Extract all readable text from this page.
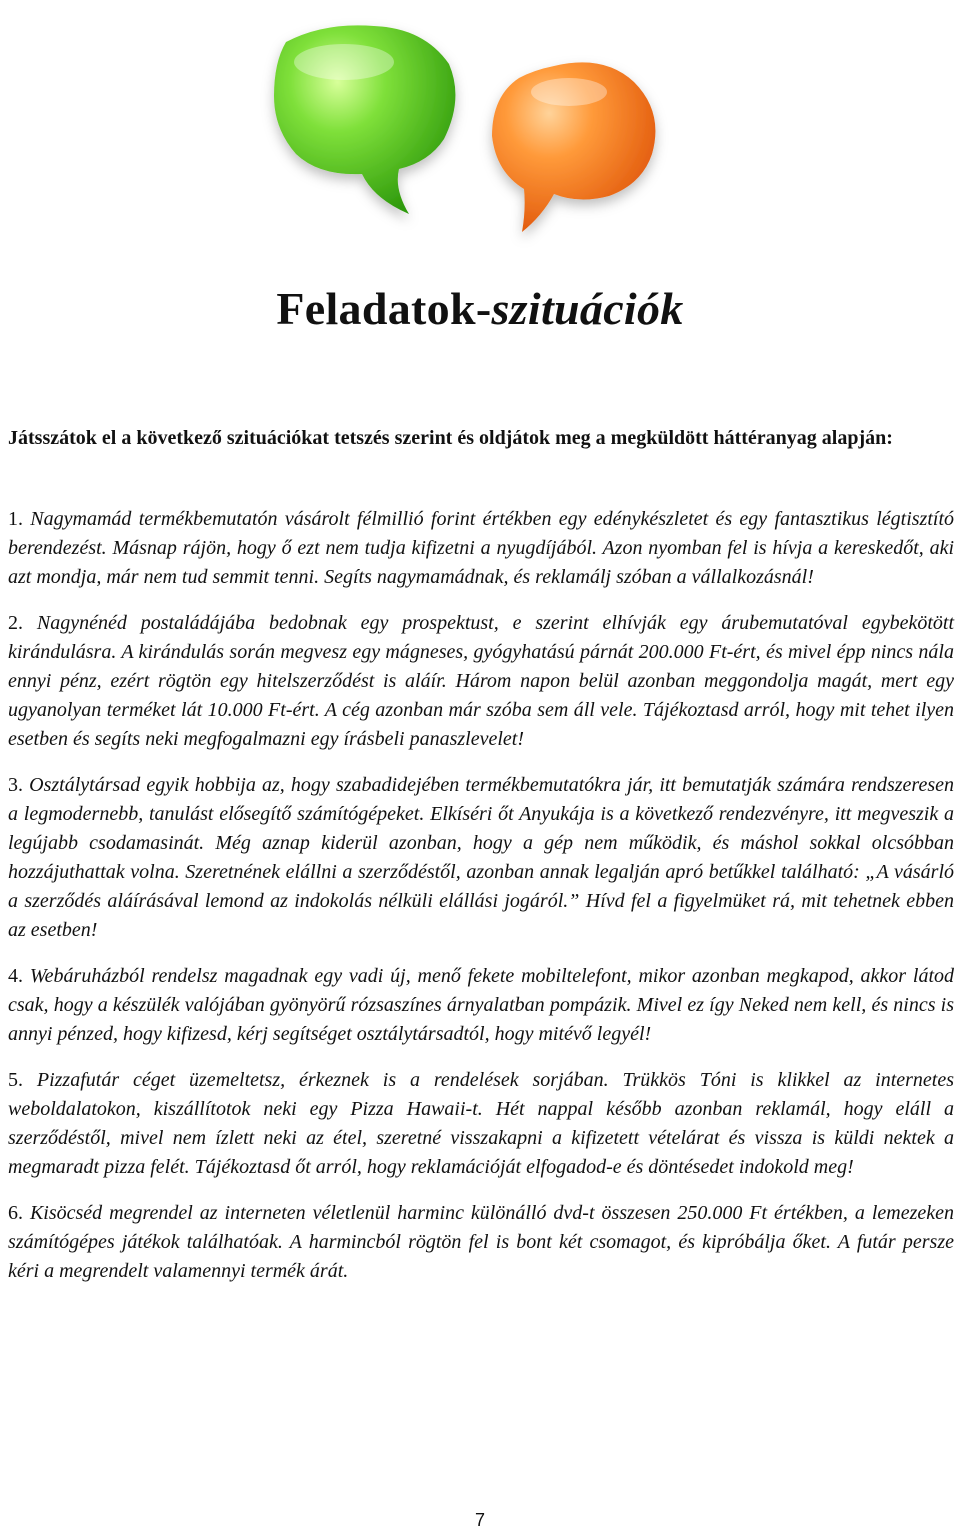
Feladatok-szituációk
Játsszátok el a következő szituációkat tetszés szerint és oldjátok meg a megküldött háttéranyag alapján:

1. Nagymamád termékbemutatón vásárolt félmillió forint értékben egy edénykészletet és egy fantasztikus légtisztító berendezést. Másnap rájön, hogy ő ezt nem tudja kifizetni a nyugdíjából. Azon nyomban fel is hívja a kereskedőt, aki azt mondja, már nem tud semmit tenni. Segíts nagymamádnak, és reklamálj szóban a vállalkozásnál!

2. Nagynénéd postaládájába bedobnak egy prospektust, e szerint elhívják egy árubemutatóval egybekötött kirándulásra. A kirándulás során megvesz egy mágneses, gyógyhatású párnát 200.000 Ft-ért, és mivel épp nincs nála ennyi pénz, ezért rögtön egy hitelszerződést is aláír. Három napon belül azonban meggondolja magát, mert egy ugyanolyan terméket lát 10.000 Ft-ért. A cég azonban már szóba sem áll vele. Tájékoztasd arról, hogy mit tehet ilyen esetben és segíts neki megfogalmazni egy írásbeli panaszlevelet!

3. Osztálytársad egyik hobbija az, hogy szabadidejében termékbemutatókra jár, itt bemutatják számára rendszeresen a legmodernebb, tanulást elősegítő számítógépeket. Elkíséri őt Anyukája is a következő rendezvényre, itt megveszik a legújabb csodamasinát. Még aznap kiderül azonban, hogy a gép nem működik, és máshol sokkal olcsóbban hozzájuthattak volna. Szeretnének elállni a szerződéstől, azonban annak legalján apró betűkkel található: „A vásárló a szerződés aláírásával lemond az indokolás nélküli elállási jogáról.” Hívd fel a figyelmüket rá, mit tehetnek ebben az esetben!

4. Webáruházból rendelsz magadnak egy vadi új, menő fekete mobiltelefont, mikor azonban megkapod, akkor látod csak, hogy a készülék valójában gyönyörű rózsaszínes árnyalatban pompázik. Mivel ez így Neked nem kell, és nincs is annyi pénzed, hogy kifizesd, kérj segítséget osztálytársadtól, hogy mitévő legyél!

5. Pizzafutár céget üzemeltetsz, érkeznek is a rendelések sorjában. Trükkös Tóni is klikkel az internetes weboldalatokon, kiszállítotok neki egy Pizza Hawaii-t. Hét nappal később azonban reklamál, hogy eláll a szerződéstől, mivel nem ízlett neki az étel, szeretné visszakapni a kifizetett vételárat és vissza is küldi nektek a megmaradt pizza felét. Tájékoztasd őt arról, hogy reklamációját elfogadod-e és döntésedet indokold meg!

6. Kisöcséd megrendel az interneten véletlenül harminc különálló dvd-t összesen 250.000 Ft értékben, a lemezeken számítógépes játékok találhatóak. A harmincból rögtön fel is bont két csomagot, és kipróbálja őket. A futár persze kéri a megrendelt valamennyi termék árát.

7
